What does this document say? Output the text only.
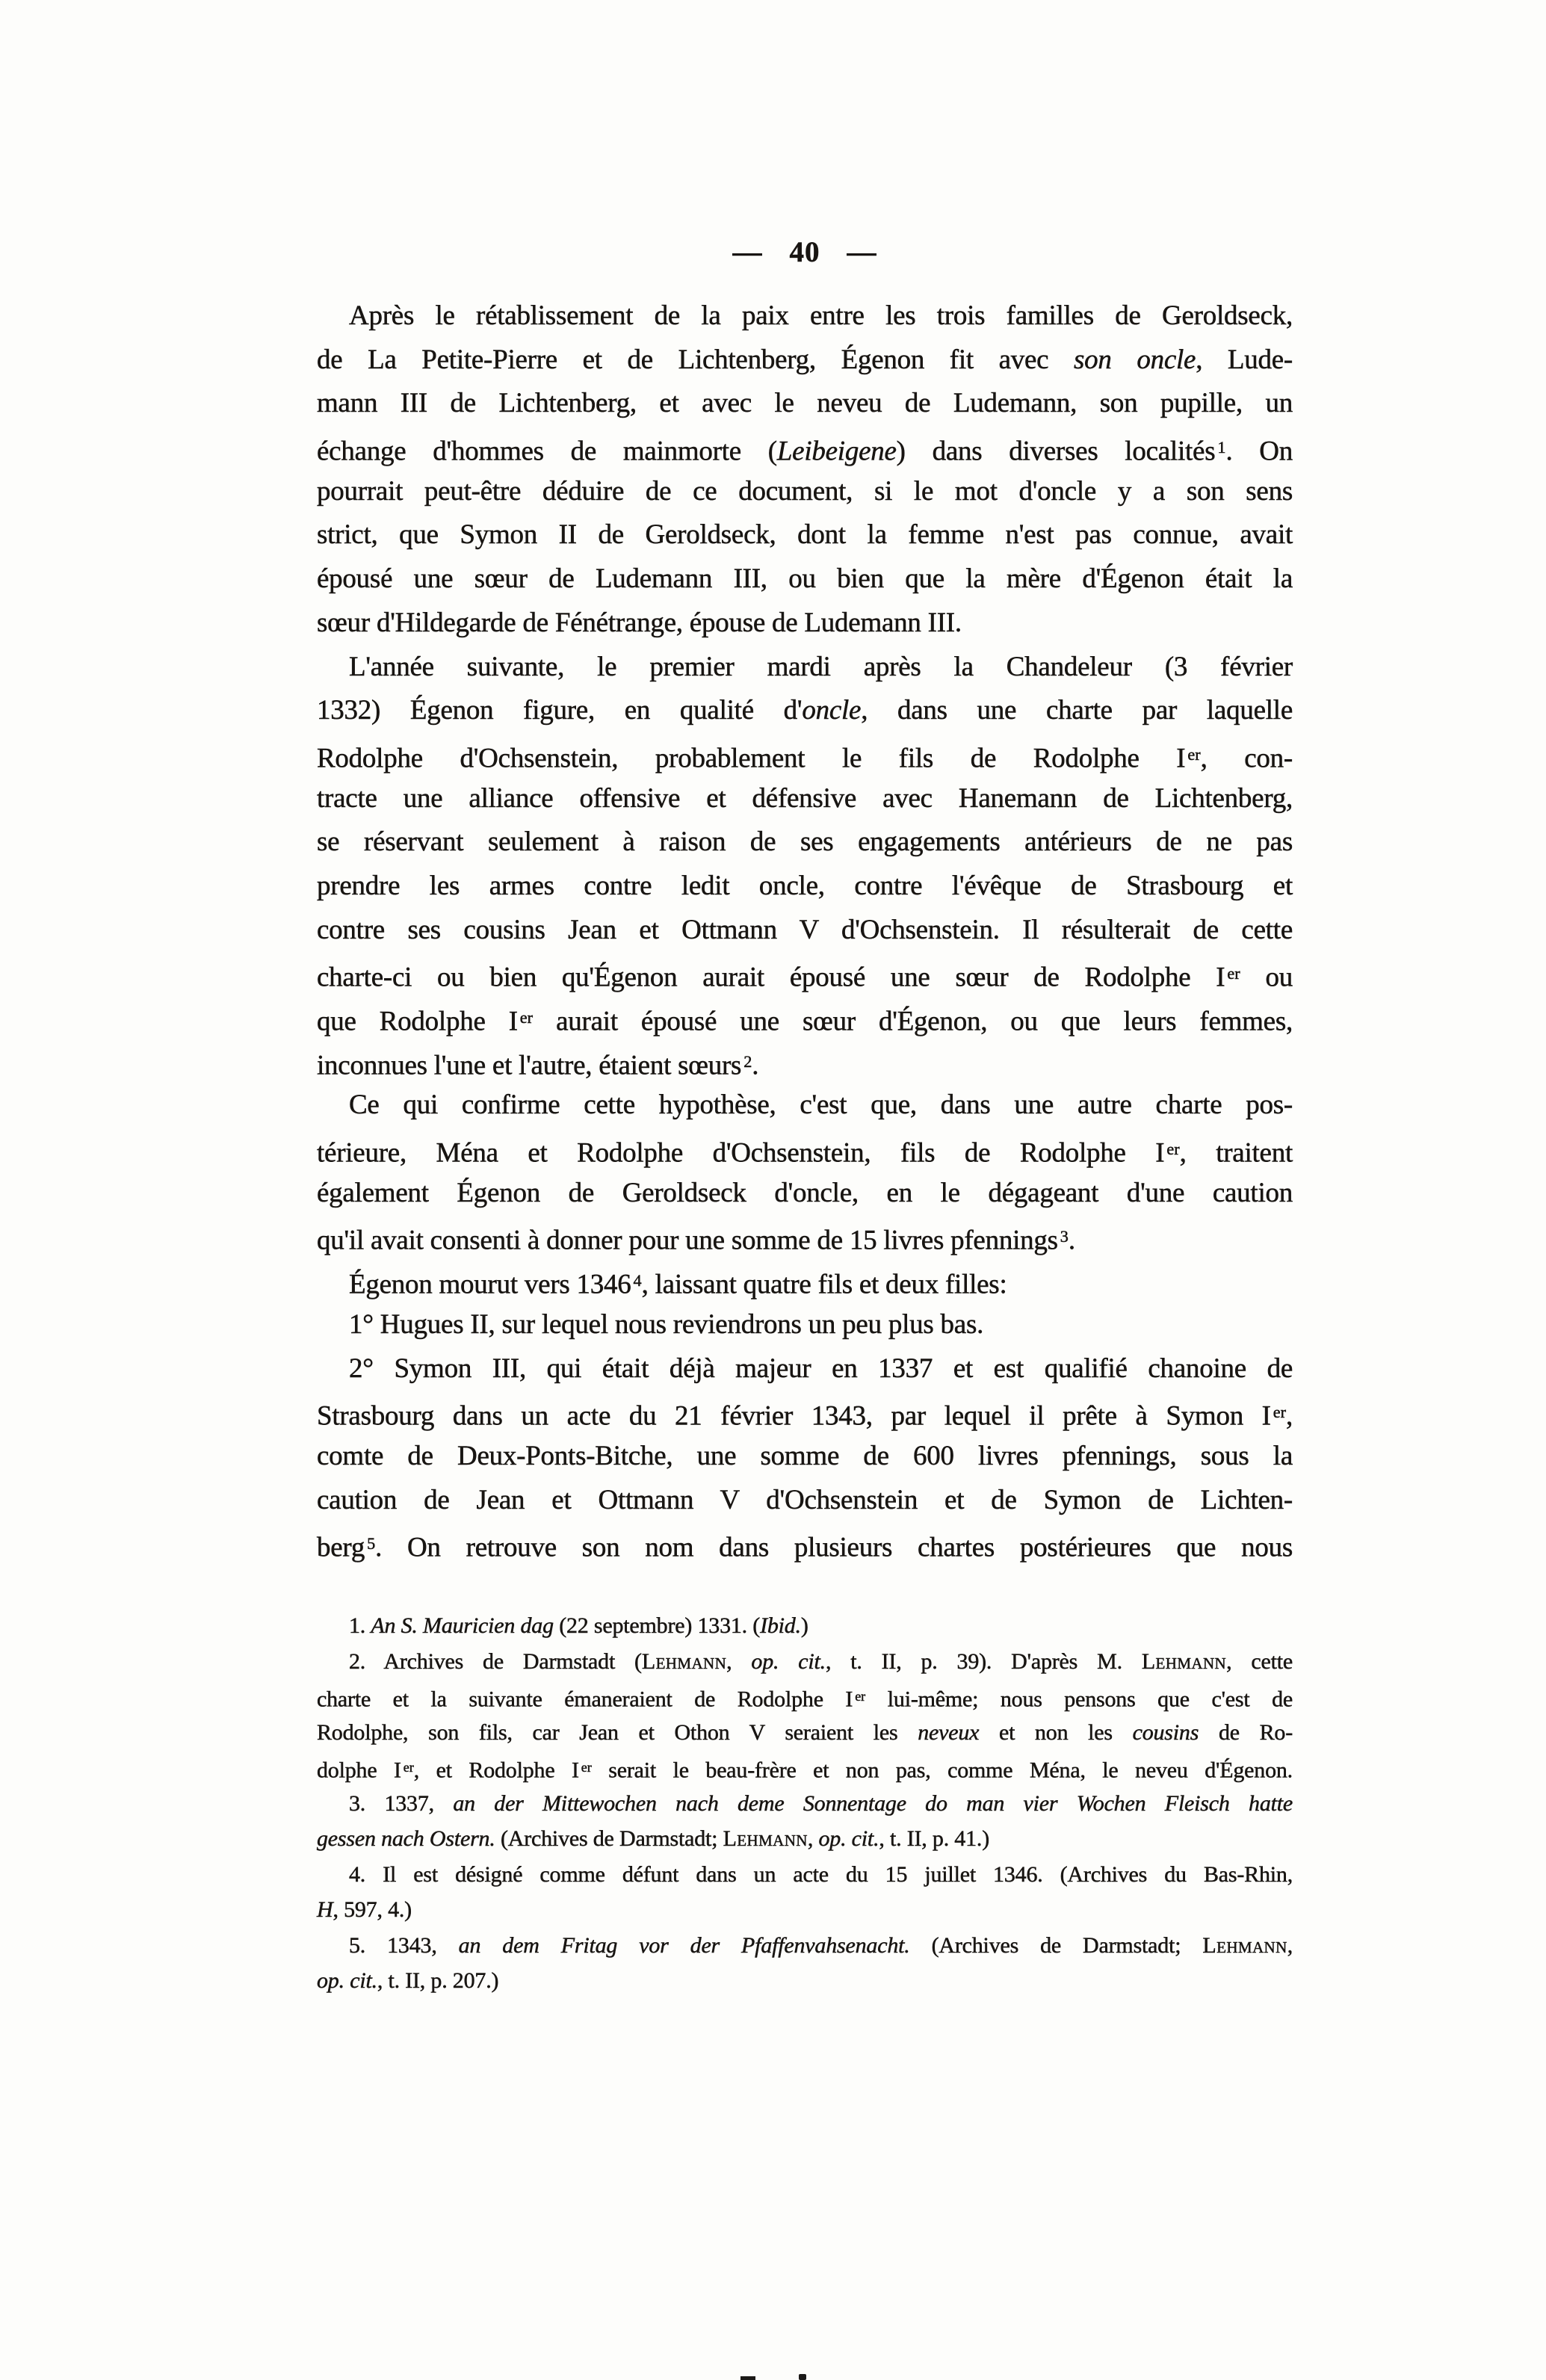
— 40 —
Après le rétablissement de la paix entre les trois familles de Geroldseck,
de La Petite-Pierre et de Lichtenberg, Égenon fit avec son oncle, Lude-
mann III de Lichtenberg, et avec le neveu de Ludemann, son pupille, un
échange d'hommes de mainmorte (Leibeigene) dans diverses localités $^1$. On
pourrait peut-être déduire de ce document, si le mot d'oncle y a son sens
strict, que Symon II de Geroldseck, dont la femme n'est pas connue, avait
épousé une sœur de Ludemann III, ou bien que la mère d'Égenon était la
sœur d'Hildegarde de Fénétrange, épouse de Ludemann III.
L'année suivante, le premier mardi après la Chandeleur (3 février
1332) Égenon figure, en qualité d'oncle, dans une charte par laquelle
Rodolphe d'Ochsenstein, probablement le fils de Rodolphe I $^{er}$, con-
tracte une alliance offensive et défensive avec Hanemann de Lichtenberg,
se réservant seulement à raison de ses engagements antérieurs de ne pas
prendre les armes contre ledit oncle, contre l'évêque de Strasbourg et
contre ses cousins Jean et Ottmann V d'Ochsenstein. Il résulterait de cette
charte-ci ou bien qu'Égenon aurait épousé une sœur de Rodolphe I $^{er}$ ou
que Rodolphe I $^{er}$ aurait épousé une sœur d'Égenon, ou que leurs femmes,
inconnues l'une et l'autre, étaient sœurs $^2$.
Ce qui confirme cette hypothèse, c'est que, dans une autre charte pos-
térieure, Ména et Rodolphe d'Ochsenstein, fils de Rodolphe I $^{er}$, traitent
également Égenon de Geroldseck d'oncle, en le dégageant d'une caution
qu'il avait consenti à donner pour une somme de 15 livres pfennings $^3$.
Égenon mourut vers 1346 $^4$, laissant quatre fils et deux filles:
1° Hugues II, sur lequel nous reviendrons un peu plus bas.
2° Symon III, qui était déjà majeur en 1337 et est qualifié chanoine de
Strasbourg dans un acte du 21 février 1343, par lequel il prête à Symon I $^{er}$,
comte de Deux-Ponts-Bitche, une somme de 600 livres pfennings, sous la
caution de Jean et Ottmann V d'Ochsenstein et de Symon de Lichten-
berg $^5$. On retrouve son nom dans plusieurs chartes postérieures que nous
1. An S. Mauricien dag (22 septembre) 1331. (Ibid.)
2. Archives de Darmstadt (Lehmann, op. cit., t. II, p. 39). D'après M. Lehmann, cette
charte et la suivante émaneraient de Rodolphe I $^{er}$ lui-même; nous pensons que c'est de
Rodolphe, son fils, car Jean et Othon V seraient les neveux et non les cousins de Ro-
dolphe I $^{er}$, et Rodolphe I $^{er}$ serait le beau-frère et non pas, comme Ména, le neveu d'Égenon.
3. 1337, an der Mittewochen nach deme Sonnentage do man vier Wochen Fleisch hatte
gessen nach Ostern. (Archives de Darmstadt; Lehmann, op. cit., t. II, p. 41.)
4. Il est désigné comme défunt dans un acte du 15 juillet 1346. (Archives du Bas-Rhin,
H, 597, 4.)
5. 1343, an dem Fritag vor der Pfaffenvahsenacht. (Archives de Darmstadt; Lehmann,
op. cit., t. II, p. 207.)
